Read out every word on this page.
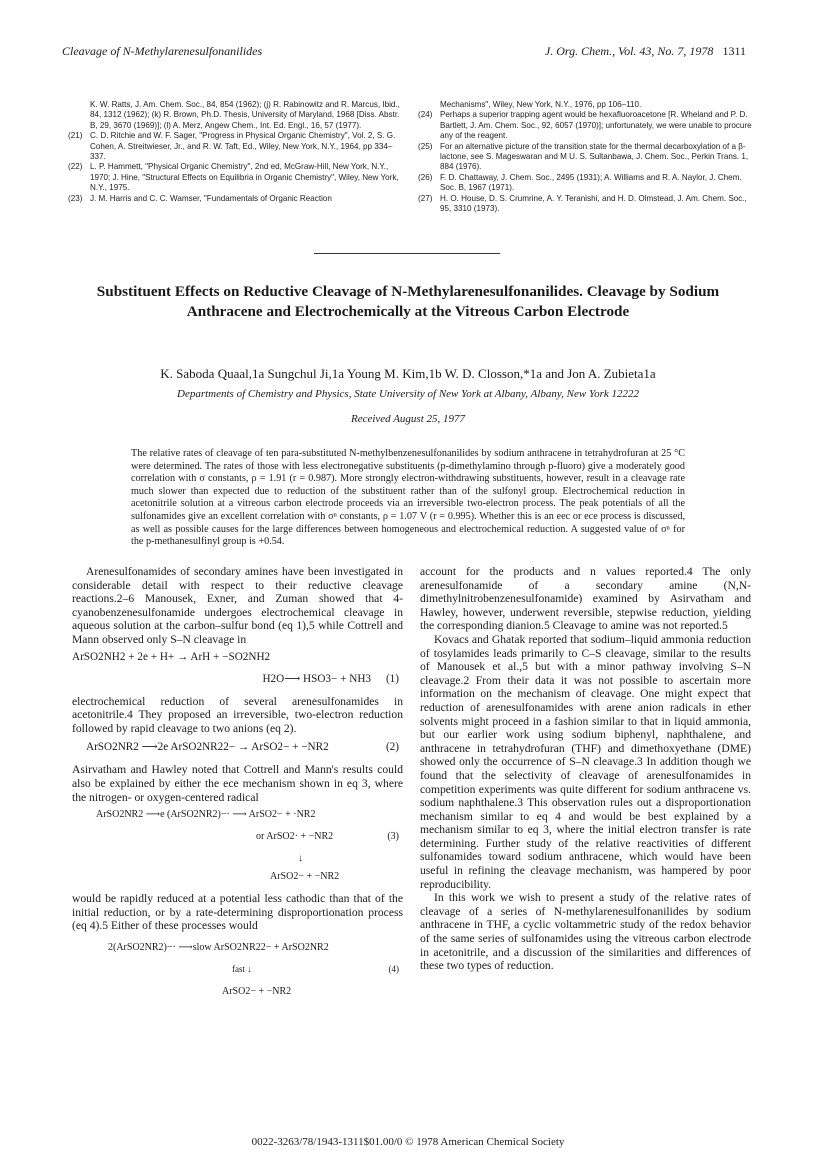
Cleavage of N-Methylarenesulfonanilides	J. Org. Chem., Vol. 43, No. 7, 1978 1311
K. W. Ratts, J. Am. Chem. Soc., 84, 854 (1962); (j) R. Rabinowitz and R. Marcus, Ibid., 84, 1312 (1962); (k) R. Brown, Ph.D. Thesis, University of Maryland, 1968 [Diss. Abstr. B, 29, 3670 (1969)]; (l) A. Merz, Angew Chem., Int. Ed. Engl., 16, 57 (1977).
(21) C. D. Ritchie and W. F. Sager, "Progress in Physical Organic Chemistry", Vol. 2, S. G. Cohen, A. Streitwieser, Jr., and R. W. Taft, Ed., Wiley, New York, N.Y., 1964, pp 334–337.
(22) L. P. Hammett, "Physical Organic Chemistry", 2nd ed, McGraw-Hill, New York, N.Y., 1970; J. Hine, "Structural Effects on Equilibria in Organic Chemistry", Wiley, New York, N.Y., 1975.
(23) J. M. Harris and C. C. Wamser, "Fundamentals of Organic Reaction
Mechanisms", Wiley, New York, N.Y., 1976, pp 106–110.
(24) Perhaps a superior trapping agent would be hexafluoroacetone [R. Wheland and P. D. Bartlett, J. Am. Chem. Soc., 92, 6057 (1970)]; unfortunately, we were unable to procure any of the reagent.
(25) For an alternative picture of the transition state for the thermal decarboxylation of a β-lactone, see S. Mageswaran and M U. S. Sultanbawa, J. Chem. Soc., Perkin Trans. 1, 884 (1976).
(26) F. D. Chattaway, J. Chem. Soc., 2495 (1931); A. Williams and R. A. Naylor, J. Chem. Soc. B, 1967 (1971).
(27) H. O. House, D. S. Crumrine, A. Y. Teranishi, and H. D. Olmstead, J. Am. Chem. Soc., 95, 3310 (1973).
Substituent Effects on Reductive Cleavage of N-Methylarenesulfonanilides. Cleavage by Sodium Anthracene and Electrochemically at the Vitreous Carbon Electrode
K. Saboda Quaal,1a Sungchul Ji,1a Young M. Kim,1b W. D. Closson,*1a and Jon A. Zubieta1a
Departments of Chemistry and Physics, State University of New York at Albany, Albany, New York 12222
Received August 25, 1977
The relative rates of cleavage of ten para-substituted N-methylbenzenesulfonanilides by sodium anthracene in tetrahydrofuran at 25 °C were determined. The rates of those with less electronegative substituents (p-dimethylamino through p-fluoro) give a moderately good correlation with σ constants, ρ = 1.91 (r = 0.987). More strongly electron-withdrawing substituents, however, result in a cleavage rate much slower than expected due to reduction of the substituent rather than of the sulfonyl group. Electrochemical reduction in acetonitrile solution at a vitreous carbon electrode proceeds via an irreversible two-electron process. The peak potentials of all the sulfonamides give an excellent correlation with σⁿ constants, ρ = 1.07 V (r = 0.995). Whether this is an eec or ece process is discussed, as well as possible causes for the large differences between homogeneous and electrochemical reduction. A suggested value of σⁿ for the p-methanesulfinyl group is +0.54.

Arenesulfonamides of secondary amines have been investigated in considerable detail with respect to their reductive cleavage reactions.2–6 Manousek, Exner, and Zuman showed that 4-cyanobenzenesulfonamide undergoes electrochemical cleavage in aqueous solution at the carbon–sulfur bond (eq 1),5 while Cottrell and Mann observed only S–N cleavage in

ArSO2NH2 + 2e + H+ → ArH + −SO2NH2
H2O⟶ HSO3− + NH3 (1)

electrochemical reduction of several arenesulfonamides in acetonitrile.4 They proposed an irreversible, two-electron reduction followed by rapid cleavage to two anions (eq 2).

ArSO2NR2 ⟶2e ArSO2NR22− → ArSO2− + −NR2	(2)

Asirvatham and Hawley noted that Cottrell and Mann's results could also be explained by either the ece mechanism shown in eq 3, where the nitrogen- or oxygen-centered radical

ArSO2NR2 ⟶e (ArSO2NR2)−· ⟶ ArSO2− + ·NR2
or ArSO2· + −NR2	(3)
↓
ArSO2− + −NR2

would be rapidly reduced at a potential less cathodic than that of the initial reduction, or by a rate-determining disproportionation process (eq 4).5 Either of these processes would

2(ArSO2NR2)−· ⟶slow ArSO2NR22− + ArSO2NR2
fast ↓	(4)
ArSO2− + −NR2

account for the products and n values reported.4 The only arenesulfonamide of a secondary amine (N,N-dimethylnitrobenzenesulfonamide) examined by Asirvatham and Hawley, however, underwent reversible, stepwise reduction, yielding the corresponding dianion.5 Cleavage to amine was not reported.5

Kovacs and Ghatak reported that sodium–liquid ammonia reduction of tosylamides leads primarily to C–S cleavage, similar to the results of Manousek et al.,5 but with a minor pathway involving S–N cleavage.2 From their data it was not possible to ascertain more information on the mechanism of cleavage. One might expect that reduction of arenesulfonamides with arene anion radicals in ether solvents might proceed in a fashion similar to that in liquid ammonia, but our earlier work using sodium biphenyl, naphthalene, and anthracene in tetrahydrofuran (THF) and dimethoxyethane (DME) showed only the occurrence of S–N cleavage.3 In addition though we found that the selectivity of cleavage of arenesulfonamides in competition experiments was quite different for sodium anthracene vs. sodium naphthalene.3 This observation rules out a disproportionation mechanism similar to eq 4 and would be best explained by a mechanism similar to eq 3, where the initial electron transfer is rate determining. Further study of the relative reactivities of different sulfonamides toward sodium anthracene, which would have been useful in refining the cleavage mechanism, was hampered by poor reproducibility.

In this work we wish to present a study of the relative rates of cleavage of a series of N-methylarenesulfonanilides by sodium anthracene in THF, a cyclic voltammetric study of the redox behavior of the same series of sulfonamides using the vitreous carbon electrode in acetonitrile, and a discussion of the similarities and differences of these two types of reduction.

0022-3263/78/1943-1311$01.00/0 © 1978 American Chemical Society
